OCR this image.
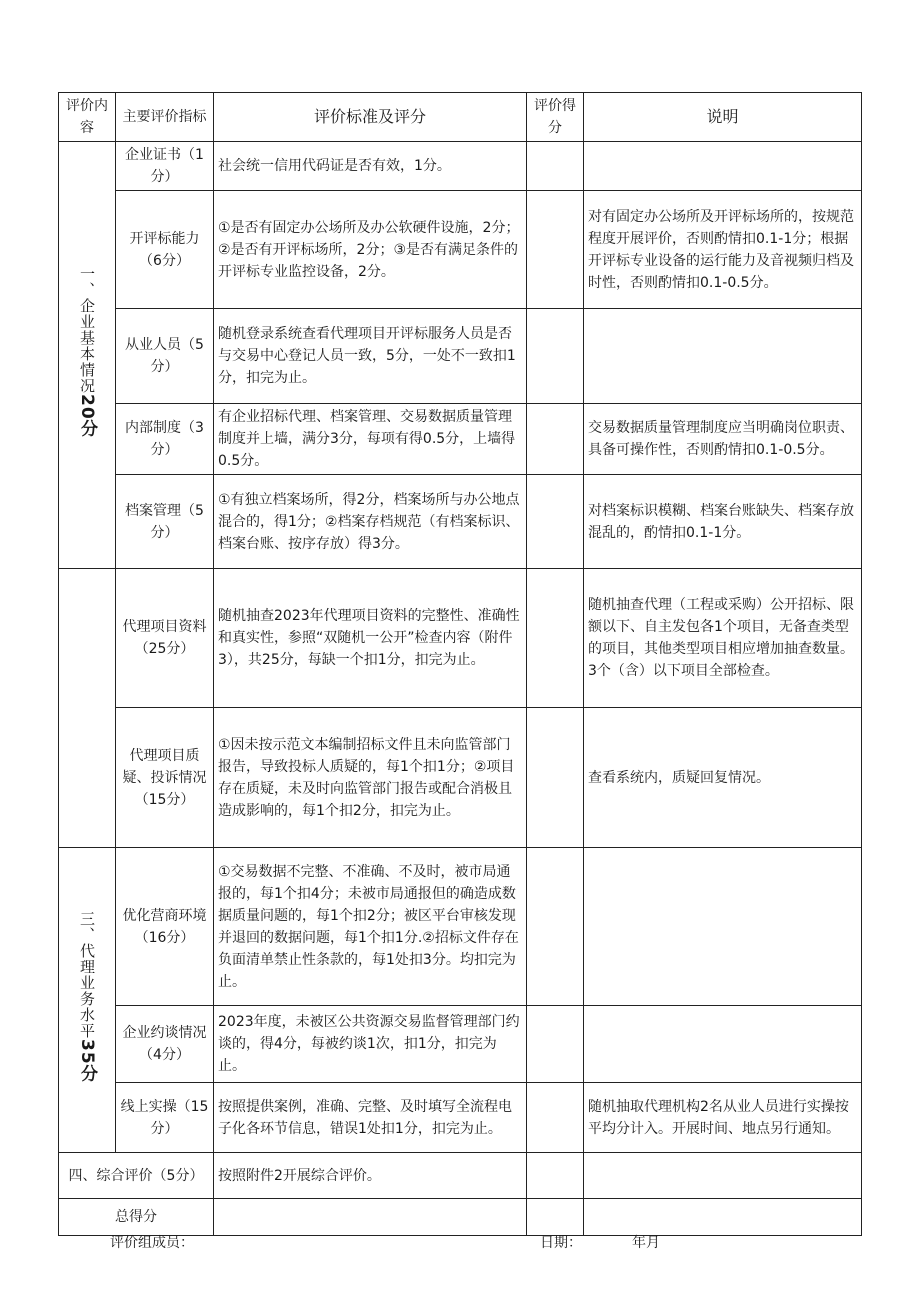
评价内容	主要评价指标	评价标准及评分	评价得分	说明
一、企业基本情况20分	企业证书（1分）	社会统一信用代码证是否有效，1分。		
	开评标能力（6分）	①是否有固定办公场所及办公软硬件设施，2分；②是否有开评标场所，2分；③是否有满足条件的开评标专业监控设备，2分。		对有固定办公场所及开评标场所的，按规范程度开展评价，否则酌情扣0.1-1分；根据开评标专业设备的运行能力及音视频归档及时性，否则酌情扣0.1-0.5分。
	从业人员（5分）	随机登录系统查看代理项目开评标服务人员是否与交易中心登记人员一致，5分，一处不一致扣1分，扣完为止。		
	内部制度（3分）	有企业招标代理、档案管理、交易数据质量管理制度并上墙，满分3分，每项有得0.5分，上墙得0.5分。		交易数据质量管理制度应当明确岗位职责、具备可操作性，否则酌情扣0.1-0.5分。
	档案管理（5分）	①有独立档案场所，得2分，档案场所与办公地点混合的，得1分；②档案存档规范（有档案标识、档案台账、按序存放）得3分。		对档案标识模糊、档案台账缺失、档案存放混乱的，酌情扣0.1-1分。
	代理项目资料（25分）	随机抽查2023年代理项目资料的完整性、准确性和真实性，参照“双随机一公开”检查内容（附件3），共25分，每缺一个扣1分，扣完为止。		随机抽查代理（工程或采购）公开招标、限额以下、自主发包各1个项目，无备查类型的项目，其他类型项目相应增加抽查数量。3个（含）以下项目全部检查。
	代理项目质疑、投诉情况（15分）	①因未按示范文本编制招标文件且未向监管部门报告，导致投标人质疑的，每1个扣1分；②项目存在质疑，未及时向监管部门报告或配合消极且造成影响的，每1个扣2分，扣完为止。		查看系统内，质疑回复情况。
三、代理业务水平35分	优化营商环境（16分）	①交易数据不完整、不准确、不及时，被市局通报的，每1个扣4分；未被市局通报但的确造成数据质量问题的，每1个扣2分；被区平台审核发现并退回的数据问题，每1个扣1分.②招标文件存在负面清单禁止性条款的，每1处扣3分。均扣完为止。		
	企业约谈情况（4分）	2023年度，未被区公共资源交易监督管理部门约谈的，得4分，每被约谈1次，扣1分，扣完为止。		
	线上实操（15分）	按照提供案例，准确、完整、及时填写全流程电子化各环节信息，错误1处扣1分，扣完为止。		随机抽取代理机构2名从业人员进行实操按平均分计入。开展时间、地点另行通知。
四、综合评价（5分）		按照附件2开展综合评价。		
总得分				
评价组成员：	日期：	年月
